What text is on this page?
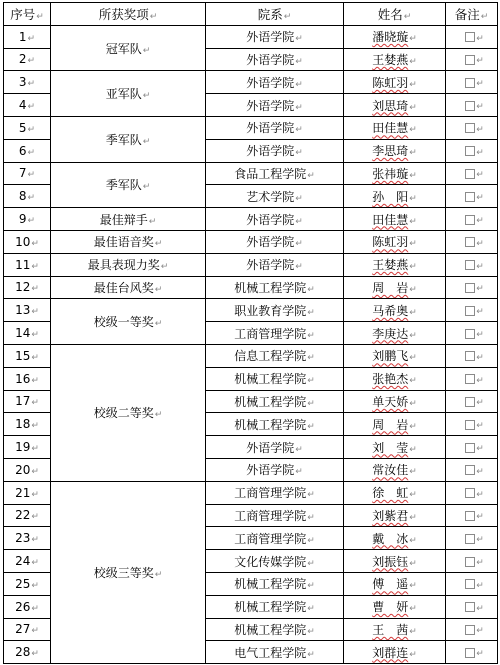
序号↵	所获奖项↵	院系↵	姓名↵	备注↵
1↵	冠军队↵	外语学院↵	潘晓璇↵	↵
2↵		外语学院↵	王婪燕↵	↵
3↵	亚军队↵	外语学院↵	陈虹羽↵	↵
4↵		外语学院↵	刘思琦↵	↵
5↵	季军队↵	外语学院↵	田佳慧↵	↵
6↵		外语学院↵	李思琦↵	↵
7↵	季军队↵	食品工程学院↵	张祎璇↵	↵
8↵		艺术学院↵	孙　阳↵	↵
9↵	最佳辩手↵	外语学院↵	田佳慧↵	↵
10↵	最佳语音奖↵	外语学院↵	陈虹羽↵	↵
11↵	最具表现力奖↵	外语学院↵	王婪燕↵	↵
12↵	最佳台风奖↵	机械工程学院↵	周　岩↵	↵
13↵	校级一等奖↵	职业教育学院↵	马希奥↵	↵
14↵		工商管理学院↵	李庚达↵	↵
15↵	校级二等奖↵	信息工程学院↵	刘鹏飞↵	↵
16↵		机械工程学院↵	张艳杰↵	↵
17↵		机械工程学院↵	单天娇↵	↵
18↵		机械工程学院↵	周　岩↵	↵
19↵		外语学院↵	刘　莹↵	↵
20↵		外语学院↵	常汝佳↵	↵
21↵	校级三等奖↵	工商管理学院↵	徐　虹↵	↵
22↵		工商管理学院↵	刘紫君↵	↵
23↵		工商管理学院↵	戴　冰↵	↵
24↵		文化传媒学院↵	刘振钰↵	↵
25↵		机械工程学院↵	傅　遥↵	↵
26↵		机械工程学院↵	曹　妍↵	↵
27↵		机械工程学院↵	王　茜↵	↵
28↵		电气工程学院↵	刘群连↵	↵
